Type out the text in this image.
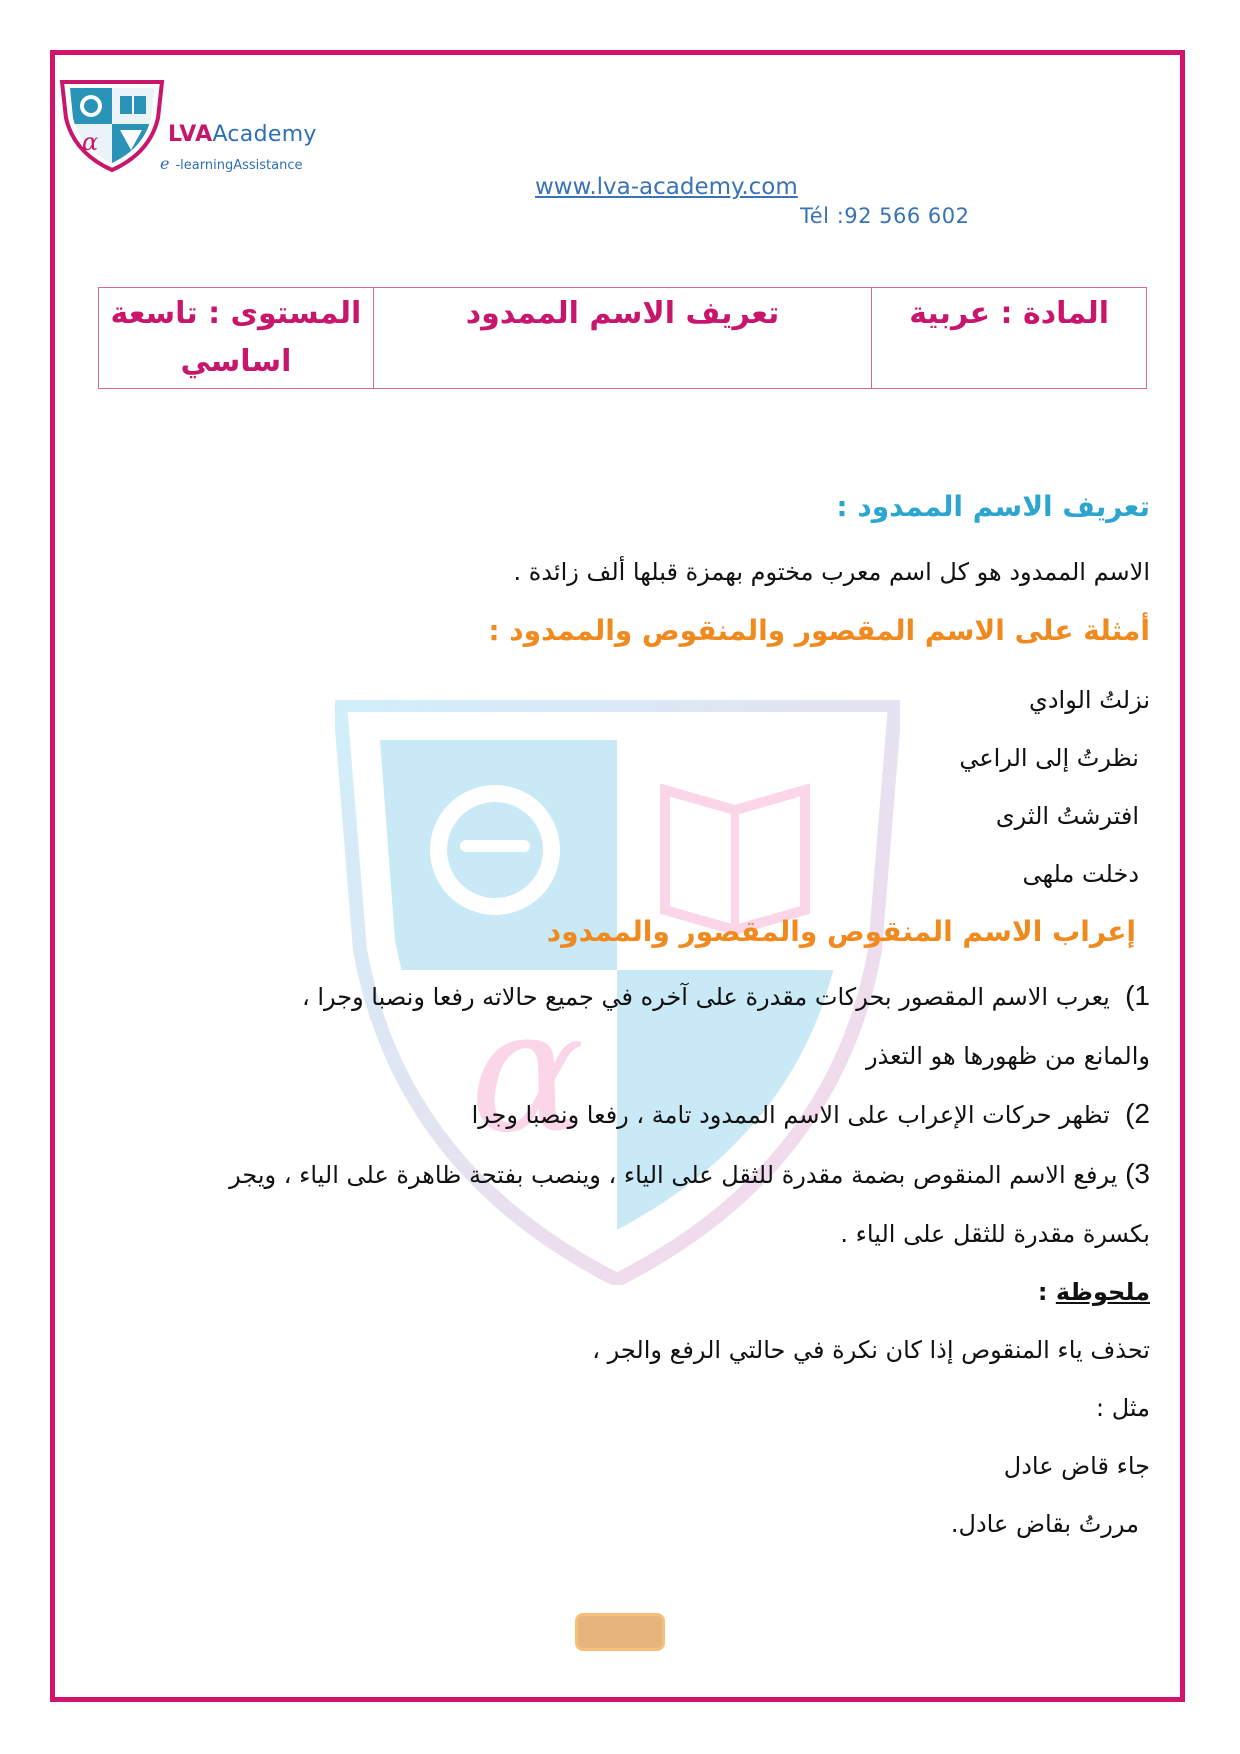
α	LVAAcademy
e -learningAssistance
www.lva-academy.com
Tél :92 566 602
المادة : عربية	تعريف الاسم الممدود	المستوى : تاسعة اساسي
α
تعريف الاسم الممدود :
الاسم الممدود هو كل اسم معرب مختوم بهمزة قبلها ألف زائدة .
أمثلة على الاسم المقصور والمنقوص والممدود :
نزلتُ الوادي
نظرتُ إلى الراعي
افترشتُ الثرى
دخلت ملهى
إعراب الاسم المنقوص والمقصور والممدود
1)  يعرب الاسم المقصور بحركات مقدرة على آخره في جميع حالاته رفعا ونصبا وجرا ،
والمانع من ظهورها هو التعذر
2)  تظهر حركات الإعراب على الاسم الممدود تامة ، رفعا ونصبا وجرا
3) يرفع الاسم المنقوص بضمة مقدرة للثقل على الياء ، وينصب بفتحة ظاهرة على الياء ، ويجر
بكسرة مقدرة للثقل على الياء .
ملحوظة :
تحذف ياء المنقوص إذا كان نكرة في حالتي الرفع والجر ،
مثل :
جاء قاض عادل
مررتُ بقاض عادل.
